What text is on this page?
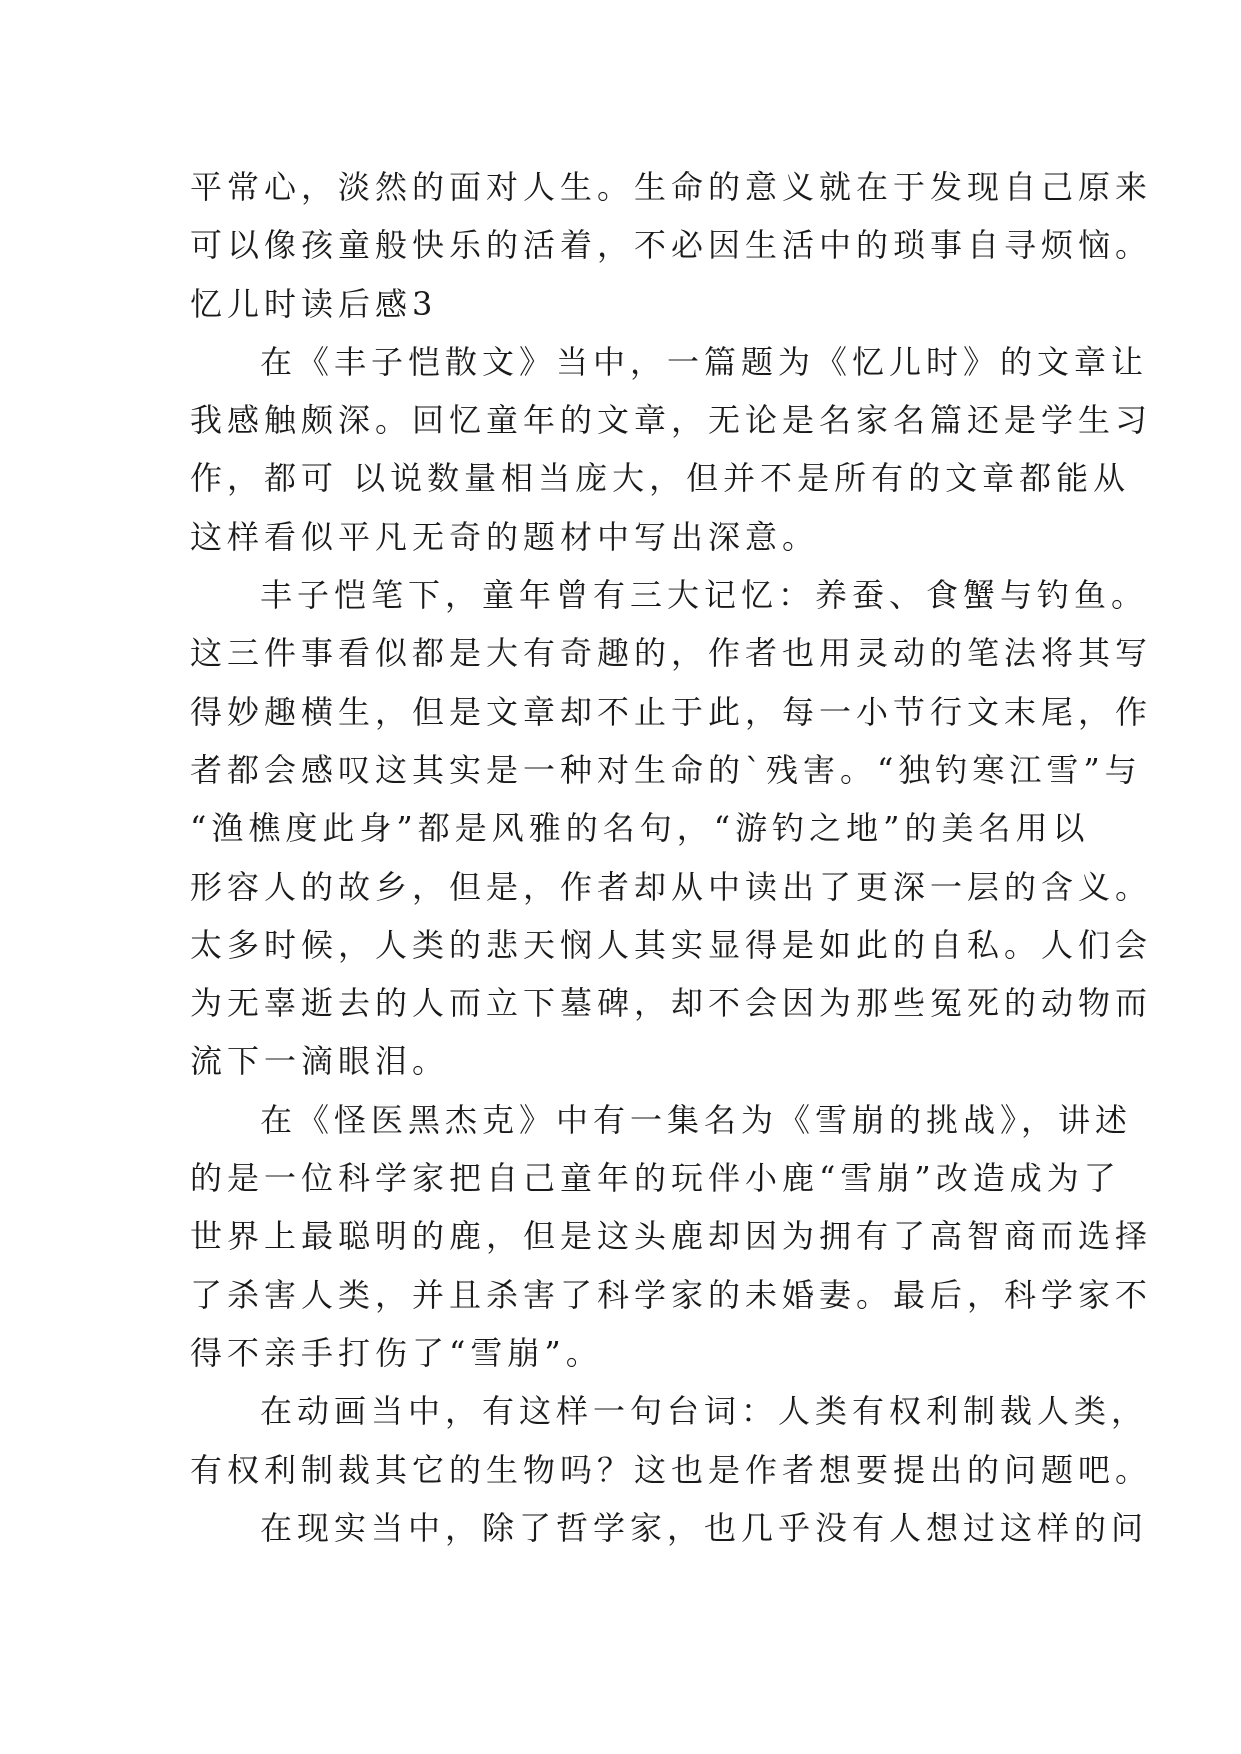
平常心，淡然的面对人生。生命的意义就在于发现自己原来
可以像孩童般快乐的活着，不必因生活中的琐事自寻烦恼。
忆儿时读后感3
在《丰子恺散文》当中，一篇题为《忆儿时》的文章让
我感触颇深。回忆童年的文章，无论是名家名篇还是学生习
作，都可 以说数量相当庞大，但并不是所有的文章都能从
这样看似平凡无奇的题材中写出深意。
丰子恺笔下，童年曾有三大记忆：养蚕、食蟹与钓鱼。
这三件事看似都是大有奇趣的，作者也用灵动的笔法将其写
得妙趣横生，但是文章却不止于此，每一小节行文末尾，作
者都会感叹这其实是一种对生命的`残害。“独钓寒江雪”与
“渔樵度此身”都是风雅的名句，“游钓之地”的美名用以
形容人的故乡，但是，作者却从中读出了更深一层的含义。
太多时候，人类的悲天悯人其实显得是如此的自私。人们会
为无辜逝去的人而立下墓碑，却不会因为那些冤死的动物而
流下一滴眼泪。
在《怪医黑杰克》中有一集名为《雪崩的挑战》，讲述
的是一位科学家把自己童年的玩伴小鹿“雪崩”改造成为了
世界上最聪明的鹿，但是这头鹿却因为拥有了高智商而选择
了杀害人类，并且杀害了科学家的未婚妻。最后，科学家不
得不亲手打伤了“雪崩”。
在动画当中，有这样一句台词：人类有权利制裁人类，
有权利制裁其它的生物吗？这也是作者想要提出的问题吧。
在现实当中，除了哲学家，也几乎没有人想过这样的问
